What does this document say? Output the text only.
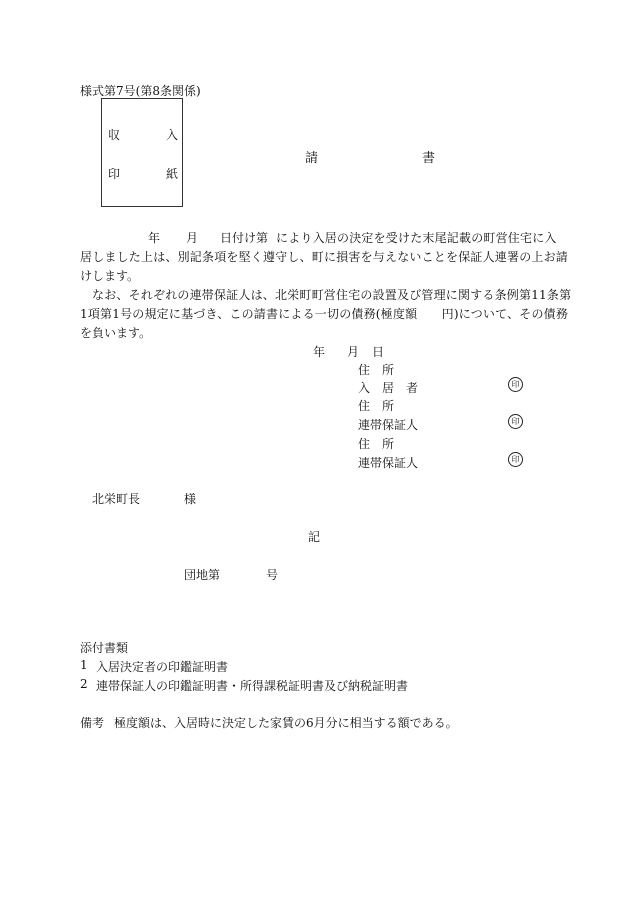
様式第7号(第8条関係)
収	入
印	紙
請	書
年 月 日付け第 により入居の決定を受けた末尾記載の町営住宅に入
居しました上は、別記条項を堅く遵守し、町に損害を与えないことを保証人連署の上お請
けします。
なお、それぞれの連帯保証人は、北栄町町営住宅の設置及び管理に関する条例第11条第
1項第1号の規定に基づき、この請書による一切の債務(極度額　　円)について、その債務
を負います。
年 月 日
住　所
入　居　者	印
住　所
連帯保証人	印
住　所
連帯保証人	印
北栄町長	様
記
団地第	号
添付書類
1 入居決定者の印鑑証明書
2 連帯保証人の印鑑証明書・所得課税証明書及び納税証明書
備考 極度額は、入居時に決定した家賃の6月分に相当する額である。
